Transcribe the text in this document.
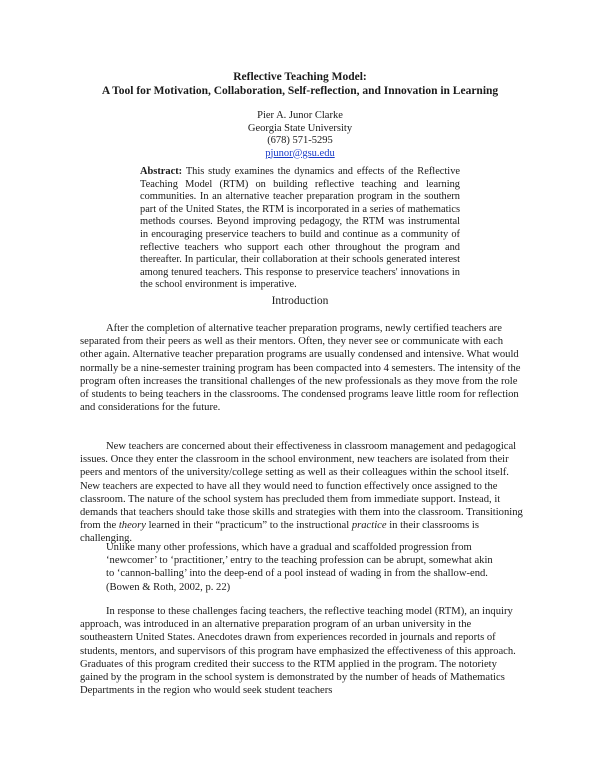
Reflective Teaching Model:

A Tool for Motivation, Collaboration, Self-reflection, and Innovation in Learning

Pier A. Junor Clarke
Georgia State University
(678) 571-5295
pjunor@gsu.edu

Abstract: This study examines the dynamics and effects of the Reflective Teaching Model (RTM) on building reflective teaching and learning communities. In an alternative teacher preparation program in the southern part of the United States, the RTM is incorporated in a series of mathematics methods courses. Beyond improving pedagogy, the RTM was instrumental in encouraging preservice teachers to build and continue as a community of reflective teachers who support each other throughout the program and thereafter. In particular, their collaboration at their schools generated interest among tenured teachers. This response to preservice teachers' innovations in the school environment is imperative.

Introduction

After the completion of alternative teacher preparation programs, newly certified teachers are separated from their peers as well as their mentors. Often, they never see or communicate with each other again. Alternative teacher preparation programs are usually condensed and intensive. What would normally be a nine-semester training program has been compacted into 4 semesters. The intensity of the program often increases the transitional challenges of the new professionals as they move from the role of students to being teachers in the classrooms. The condensed programs leave little room for reflection and considerations for the future.

New teachers are concerned about their effectiveness in classroom management and pedagogical issues. Once they enter the classroom in the school environment, new teachers are isolated from their peers and mentors of the university/college setting as well as their colleagues within the school itself. New teachers are expected to have all they would need to function effectively once assigned to the classroom. The nature of the school system has precluded them from immediate support. Instead, it demands that teachers should take those skills and strategies with them into the classroom. Transitioning from the theory learned in their “practicum” to the instructional practice in their classrooms is challenging.

Unlike many other professions, which have a gradual and scaffolded progression from ‘newcomer’ to ‘practitioner,’ entry to the teaching profession can be abrupt, somewhat akin to ‘cannon-balling’ into the deep-end of a pool instead of wading in from the shallow-end. (Bowen & Roth, 2002, p. 22)

In response to these challenges facing teachers, the reflective teaching model (RTM), an inquiry approach, was introduced in an alternative preparation program of an urban university in the southeastern United States. Anecdotes drawn from experiences recorded in journals and reports of students, mentors, and supervisors of this program have emphasized the effectiveness of this approach. Graduates of this program credited their success to the RTM applied in the program. The notoriety gained by the program in the school system is demonstrated by the number of heads of Mathematics Departments in the region who would seek student teachers
